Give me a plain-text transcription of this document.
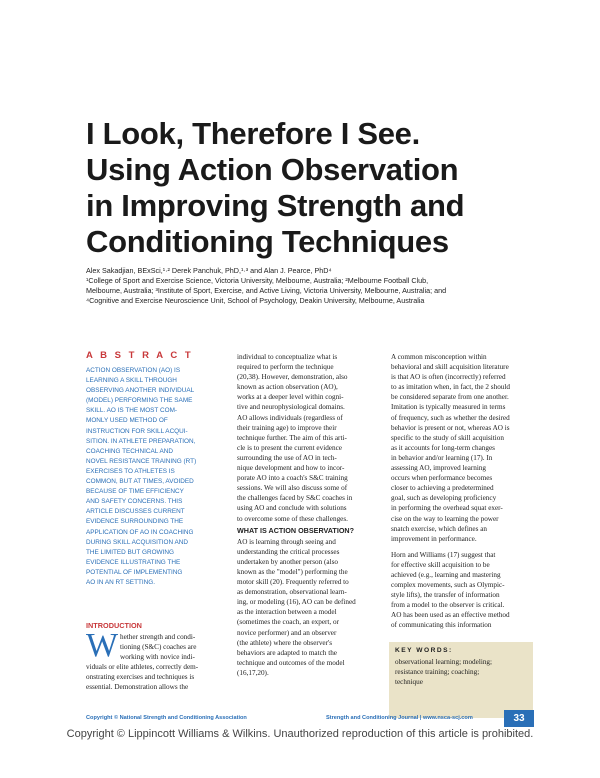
I Look, Therefore I See.
Using Action Observation
in Improving Strength and
Conditioning Techniques
Alex Sakadjian, BExSci,¹·² Derek Panchuk, PhD,¹·³ and Alan J. Pearce, PhD⁴
¹College of Sport and Exercise Science, Victoria University, Melbourne, Australia; ²Melbourne Football Club,
Melbourne, Australia; ³Institute of Sport, Exercise, and Active Living, Victoria University, Melbourne, Australia; and
⁴Cognitive and Exercise Neuroscience Unit, School of Psychology, Deakin University, Melbourne, Australia
A B S T R A C T
ACTION OBSERVATION (AO) IS
LEARNING A SKILL THROUGH
OBSERVING ANOTHER INDIVIDUAL
(MODEL) PERFORMING THE SAME
SKILL. AO IS THE MOST COM-
MONLY USED METHOD OF
INSTRUCTION FOR SKILL ACQUI-
SITION. IN ATHLETE PREPARATION,
COACHING TECHNICAL AND
NOVEL RESISTANCE TRAINING (RT)
EXERCISES TO ATHLETES IS
COMMON, BUT AT TIMES, AVOIDED
BECAUSE OF TIME EFFICIENCY
AND SAFETY CONCERNS. THIS
ARTICLE DISCUSSES CURRENT
EVIDENCE SURROUNDING THE
APPLICATION OF AO IN COACHING
DURING SKILL ACQUISITION AND
THE LIMITED BUT GROWING
EVIDENCE ILLUSTRATING THE
POTENTIAL OF IMPLEMENTING
AO IN AN RT SETTING.
INTRODUCTION
W hether strength and condi-
tioning (S&C) coaches are
working with novice indi-
viduals or elite athletes, correctly dem-
onstrating exercises and techniques is
essential. Demonstration allows the
individual to conceptualize what is
required to perform the technique
(20,38). However, demonstration, also
known as action observation (AO),
works at a deeper level within cogni-
tive and neurophysiological domains.
AO allows individuals (regardless of
their training age) to improve their
technique further. The aim of this arti-
cle is to present the current evidence
surrounding the use of AO in tech-
nique development and how to incor-
porate AO into a coach's S&C training
sessions. We will also discuss some of
the challenges faced by S&C coaches in
using AO and conclude with solutions
to overcome some of these challenges.
WHAT IS ACTION OBSERVATION?
AO is learning through seeing and
understanding the critical processes
undertaken by another person (also
known as the "model") performing the
motor skill (20). Frequently referred to
as demonstration, observational learn-
ing, or modeling (16), AO can be defined
as the interaction between a model
(sometimes the coach, an expert, or
novice performer) and an observer
(the athlete) where the observer's
behaviors are adapted to match the
technique and outcomes of the model
(16,17,20).
A common misconception within
behavioral and skill acquisition literature
is that AO is often (incorrectly) referred
to as imitation when, in fact, the 2 should
be considered separate from one another.
Imitation is typically measured in terms
of frequency, such as whether the desired
behavior is present or not, whereas AO is
specific to the study of skill acquisition
as it accounts for long-term changes
in behavior and/or learning (17). In
assessing AO, improved learning
occurs when performance becomes
closer to achieving a predetermined
goal, such as developing proficiency
in performing the overhead squat exer-
cise on the way to learning the power
snatch exercise, which defines an
improvement in performance.
Horn and Williams (17) suggest that
for effective skill acquisition to be
achieved (e.g., learning and mastering
complex movements, such as Olympic-
style lifts), the transfer of information
from a model to the observer is critical.
AO has been used as an effective method
of communicating this information
KEY WORDS:
observational learning; modeling;
resistance training; coaching;
technique
Copyright © National Strength and Conditioning Association	Strength and Conditioning Journal | www.nsca-scj.com	33
Copyright © Lippincott Williams & Wilkins. Unauthorized reproduction of this article is prohibited.
